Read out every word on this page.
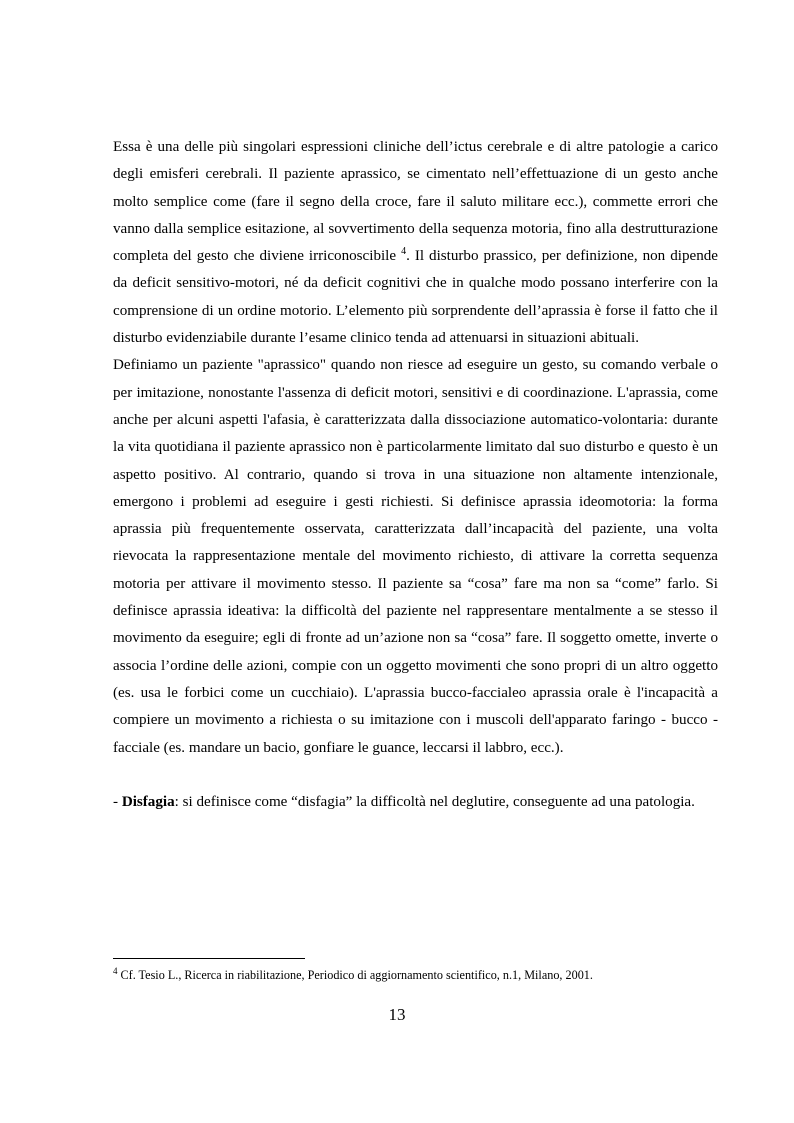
Essa è una delle più singolari espressioni cliniche dell’ictus cerebrale e di altre patologie a carico degli emisferi cerebrali. Il paziente aprassico, se cimentato nell’effettuazione di un gesto anche molto semplice come (fare il segno della croce, fare il saluto militare ecc.), commette errori che vanno dalla semplice esitazione, al sovvertimento della sequenza motoria, fino alla destrutturazione completa del gesto che diviene irriconoscibile $^4$. Il disturbo prassico, per definizione, non dipende da deficit sensitivo-motori, né da deficit cognitivi che in qualche modo possano interferire con la comprensione di un ordine motorio. L’elemento più sorprendente dell’aprassia è forse il fatto che il disturbo evidenziabile durante l’esame clinico tenda ad attenuarsi in situazioni abituali.

Definiamo un paziente "aprassico" quando non riesce ad eseguire un gesto, su comando verbale o per imitazione, nonostante l'assenza di deficit motori, sensitivi e di coordinazione. L'aprassia, come anche per alcuni aspetti l'afasia, è caratterizzata dalla dissociazione automatico-volontaria: durante la vita quotidiana il paziente aprassico non è particolarmente limitato dal suo disturbo e questo è un aspetto positivo. Al contrario, quando si trova in una situazione non altamente intenzionale, emergono i problemi ad eseguire i gesti richiesti. Si definisce aprassia ideomotoria: la forma aprassia più frequentemente osservata, caratterizzata dall’incapacità del paziente, una volta rievocata la rappresentazione mentale del movimento richiesto, di attivare la corretta sequenza motoria per attivare il movimento stesso. Il paziente sa “cosa” fare ma non sa “come” farlo. Si definisce aprassia ideativa: la difficoltà del paziente nel rappresentare mentalmente a se stesso il movimento da eseguire; egli di fronte ad un’azione non sa “cosa” fare. Il soggetto omette, inverte o associa l’ordine delle azioni, compie con un oggetto movimenti che sono propri di un altro oggetto (es. usa le forbici come un cucchiaio). L'aprassia bucco-faccialeo aprassia orale è l'incapacità a compiere un movimento a richiesta o su imitazione con i muscoli dell'apparato faringo - bucco - facciale (es. mandare un bacio, gonfiare le guance, leccarsi il labbro, ecc.).

- Disfagia: si definisce come “disfagia” la difficoltà nel deglutire, conseguente ad una patologia.

$^4$ Cf. Tesio L., Ricerca in riabilitazione, Periodico di aggiornamento scientifico, n.1, Milano, 2001.
13
